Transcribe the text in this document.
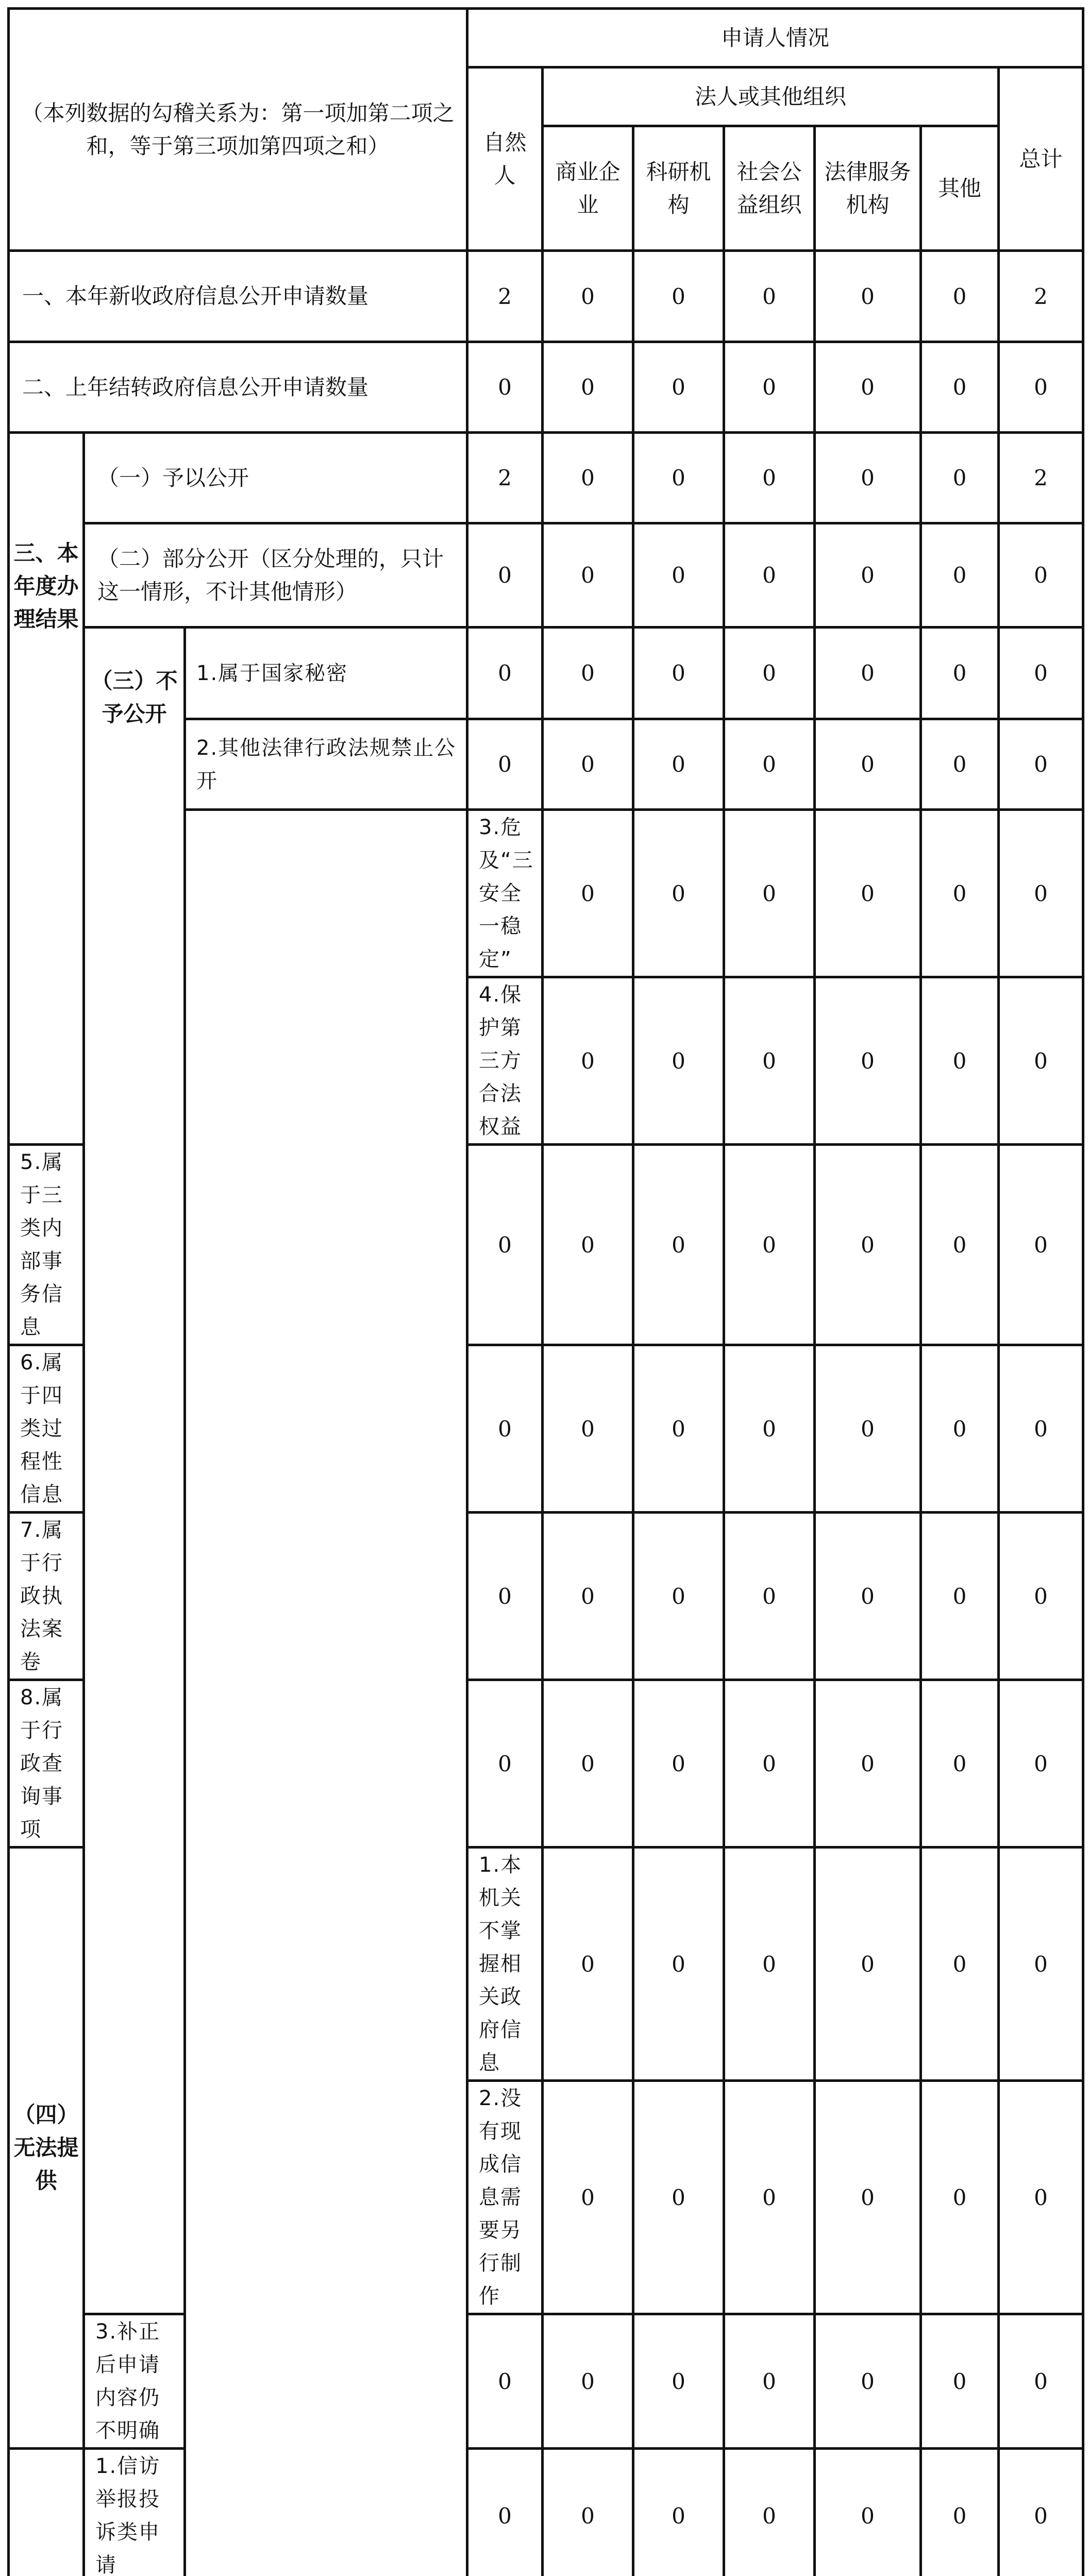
（本列数据的勾稽关系为：第一项加第二项之和，等于第三项加第四项之和）			申请人情况							
			自然人	法人或其他组织					总计	
				商业企业	科研机构	社会公益组织	法律服务机构	其他		
一、本年新收政府信息公开申请数量			2	0	0	0	0	0	2	
二、上年结转政府信息公开申请数量			0	0	0	0	0	0	0	
三、本年度办理结果	（一）予以公开		2	0	0	0	0	0	2	
	（二）部分公开（区分处理的，只计这一情形，不计其他情形）		0	0	0	0	0	0	0	
	（三）不予公开	1.属于国家秘密	0	0	0	0	0	0	0	
		2.其他法律行政法规禁止公开	0	0	0	0	0	0	0	
			3.危及“三安全一稳定”	0	0	0	0	0	0	
			4.保护第三方合法权益	0	0	0	0	0	0	
5.属于三类内部事务信息			0	0	0	0	0	0	0	
6.属于四类过程性信息			0	0	0	0	0	0	0	
7.属于行政执法案卷			0	0	0	0	0	0	0	
8.属于行政查询事项			0	0	0	0	0	0	0	
（四）无法提供			1.本机关不掌握相关政府信息	0	0	0	0	0	0	
			2.没有现成信息需要另行制作	0	0	0	0	0	0	
	3.补正后申请内容仍不明确		0	0	0	0	0	0	0	
	1.信访举报投诉类申请		0	0	0	0	0	0	0	
